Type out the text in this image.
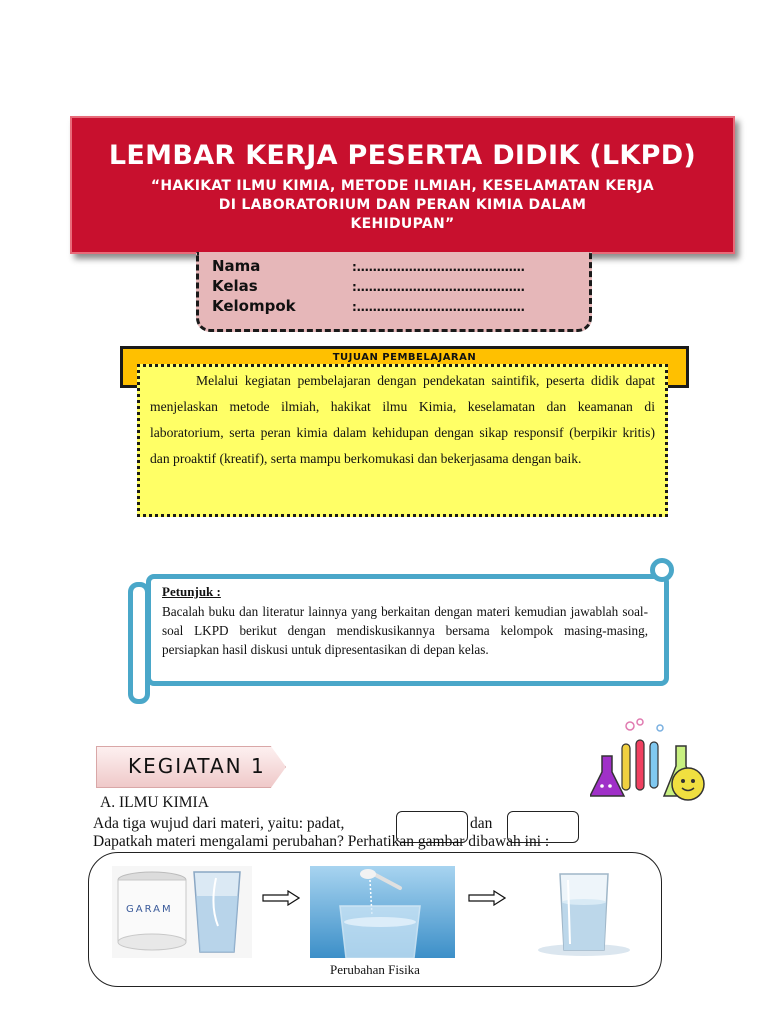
LEMBAR KERJA PESERTA DIDIK (LKPD)
“HAKIKAT ILMU KIMIA, METODE ILMIAH, KESELAMATAN KERJA
DI LABORATORIUM DAN PERAN KIMIA DALAM
KEHIDUPAN”
Nama	:……………………………………
Kelas	:……………………………………
Kelompok	:……………………………………
TUJUAN PEMBELAJARAN
Melalui kegiatan pembelajaran dengan pendekatan saintifik, peserta didik dapat menjelaskan metode ilmiah, hakikat ilmu Kimia, keselamatan dan keamanan di laboratorium, serta peran kimia dalam kehidupan dengan sikap responsif (berpikir kritis) dan proaktif (kreatif), serta mampu berkomukasi dan bekerjasama dengan baik.
Petunjuk :
Bacalah buku dan literatur lainnya yang berkaitan dengan materi kemudian jawablah soal-soal LKPD berikut dengan mendiskusikannya bersama kelompok masing-masing, persiapkan hasil diskusi untuk dipresentasikan di depan kelas.
KEGIATAN 1
A. ILMU KIMIA
Ada tiga wujud dari materi, yaitu: padat,	dan
Dapatkah materi mengalami perubahan? Perhatikan gambar dibawah ini :
GARAM
Perubahan Fisika
